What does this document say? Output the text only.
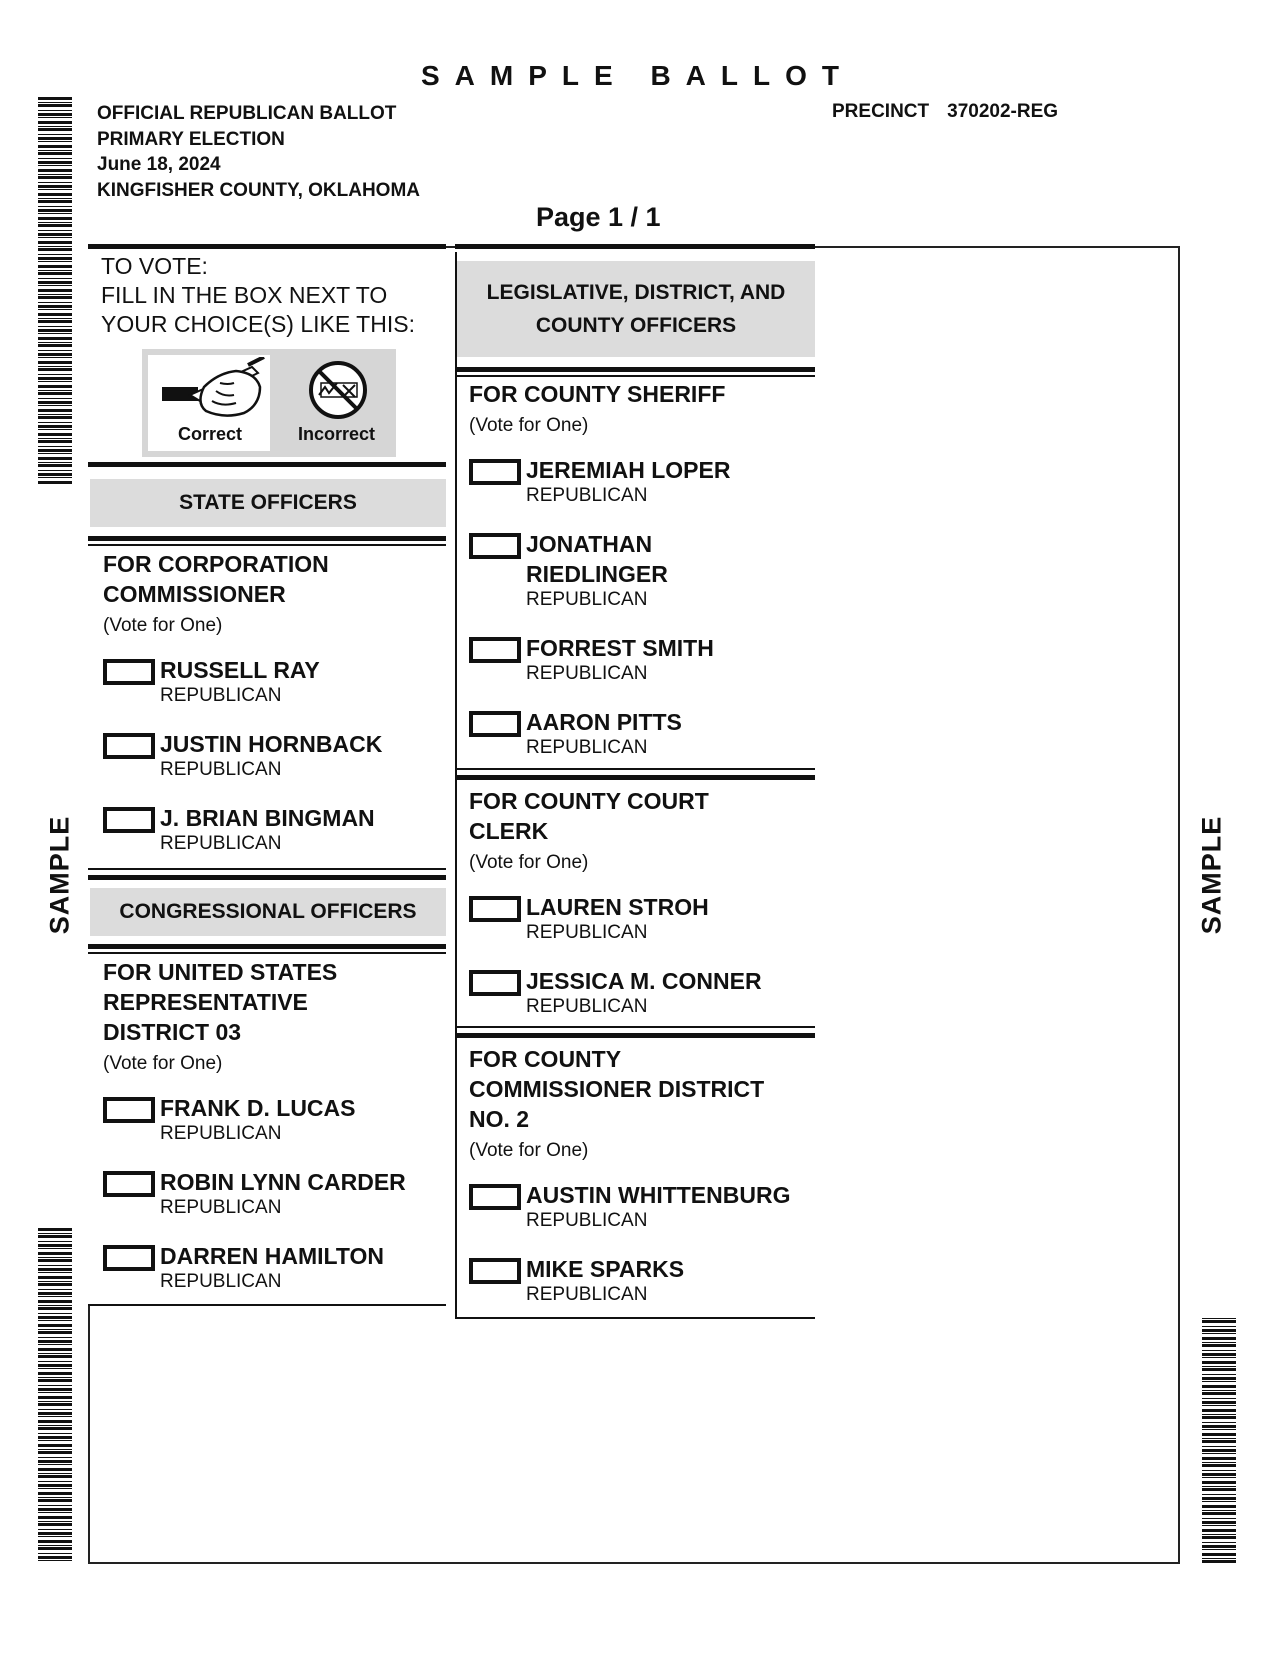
SAMPLE BALLOT
OFFICIAL REPUBLICAN BALLOT
PRIMARY ELECTION
June 18, 2024
KINGFISHER COUNTY, OKLAHOMA
PRECINCT 370202-REG
Page 1 / 1
SAMPLE	SAMPLE
TO VOTE:
FILL IN THE BOX NEXT TO
YOUR CHOICE(S) LIKE THIS:
Correct	Incorrect
STATE OFFICERS
FOR CORPORATION
COMMISSIONER
(Vote for One)
RUSSELL RAY
REPUBLICAN
JUSTIN HORNBACK
REPUBLICAN
J. BRIAN BINGMAN
REPUBLICAN
CONGRESSIONAL OFFICERS
FOR UNITED STATES
REPRESENTATIVE
DISTRICT 03
(Vote for One)
FRANK D. LUCAS
REPUBLICAN
ROBIN LYNN CARDER
REPUBLICAN
DARREN HAMILTON
REPUBLICAN
LEGISLATIVE, DISTRICT, AND
COUNTY OFFICERS
FOR COUNTY SHERIFF
(Vote for One)
JEREMIAH LOPER
REPUBLICAN
JONATHAN
RIEDLINGER
REPUBLICAN
FORREST SMITH
REPUBLICAN
AARON PITTS
REPUBLICAN
FOR COUNTY COURT
CLERK
(Vote for One)
LAUREN STROH
REPUBLICAN
JESSICA M. CONNER
REPUBLICAN
FOR COUNTY
COMMISSIONER DISTRICT
NO. 2
(Vote for One)
AUSTIN WHITTENBURG
REPUBLICAN
MIKE SPARKS
REPUBLICAN
